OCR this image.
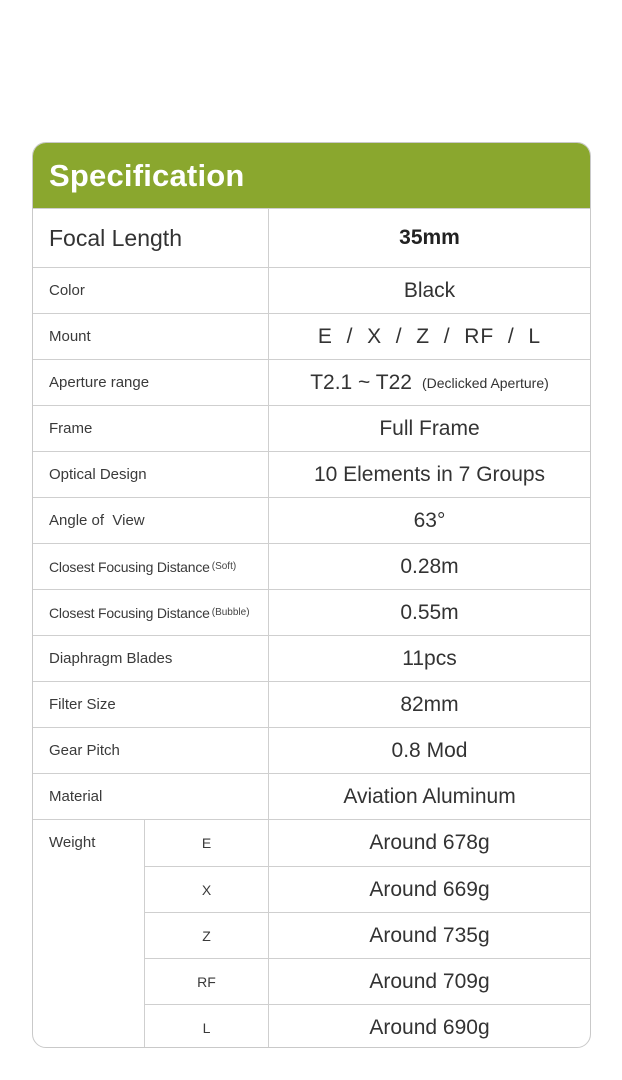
Specification
Focal Length	35mm
Color	Black
Mount	E  /  X  /  Z  /  RF  /  L
Aperture range	T2.1 ~ T22 (Declicked Aperture)
Frame	Full Frame
Optical Design	10 Elements in 7 Groups
Angle of  View	63°
Closest Focusing Distance (Soft)	0.28m
Closest Focusing Distance (Bubble)	0.55m
Diaphragm Blades	11pcs
Filter Size	82mm
Gear Pitch	0.8 Mod
Material	Aviation Aluminum
Weight	E	Around 678g
X	Around 669g
Z	Around 735g
RF	Around 709g
L	Around 690g
